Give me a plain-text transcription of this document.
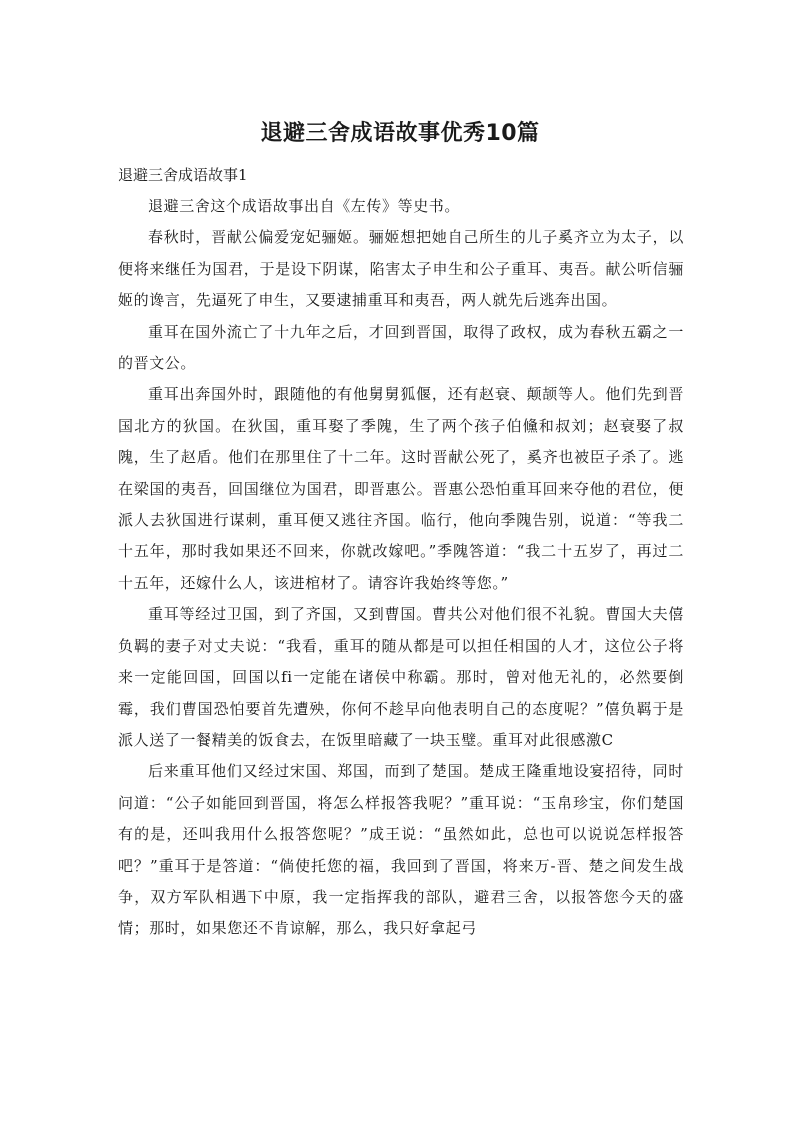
退避三舍成语故事优秀10篇
退避三舍成语故事1

退避三舍这个成语故事出自《左传》等史书。

春秋时，晋献公偏爱宠妃骊姬。骊姬想把她自己所生的儿子奚齐立为太子，以便将来继任为国君，于是设下阴谋，陷害太子申生和公子重耳、夷吾。献公听信骊姬的谗言，先逼死了申生，又要逮捕重耳和夷吾，两人就先后逃奔出国。

重耳在国外流亡了十九年之后，才回到晋国，取得了政权，成为春秋五霸之一的晋文公。

重耳出奔国外时，跟随他的有他舅舅狐偃，还有赵衰、颠颉等人。他们先到晋国北方的狄国。在狄国，重耳娶了季隗，生了两个孩子伯儵和叔刘；赵衰娶了叔隗，生了赵盾。他们在那里住了十二年。这时晋献公死了，奚齐也被臣子杀了。逃在梁国的夷吾，回国继位为国君，即晋惠公。晋惠公恐怕重耳回来夺他的君位，便派人去狄国进行谋刺，重耳便又逃往齐国。临行，他向季隗告别，说道：“等我二十五年，那时我如果还不回来，你就改嫁吧。”季隗答道：“我二十五岁了，再过二十五年，还嫁什么人，该进棺材了。请容许我始终等您。”

重耳等经过卫国，到了齐国，又到曹国。曹共公对他们很不礼貌。曹国大夫僖负羁的妻子对丈夫说：“我看，重耳的随从都是可以担任相国的人才，这位公子将来一定能回国，回国以fi一定能在诸侯中称霸。那时，曾对他无礼的，必然要倒霉，我们曹国恐怕要首先遭殃，你何不趁早向他表明自己的态度呢？”僖负羁于是派人送了一餐精美的饭食去，在饭里暗藏了一块玉璧。重耳对此很感激C

后来重耳他们又经过宋国、郑国，而到了楚国。楚成王隆重地设宴招待，同时问道：“公子如能回到晋国，将怎么样报答我呢？”重耳说：“玉帛珍宝，你们楚国有的是，还叫我用什么报答您呢？”成王说：“虽然如此，总也可以说说怎样报答吧？”重耳于是答道：“倘使托您的福，我回到了晋国，将来万-晋、楚之间发生战争，双方军队相遇下中原，我一定指挥我的部队，避君三舍，以报答您今天的盛情；那时，如果您还不肯谅解，那么，我只好拿起弓
